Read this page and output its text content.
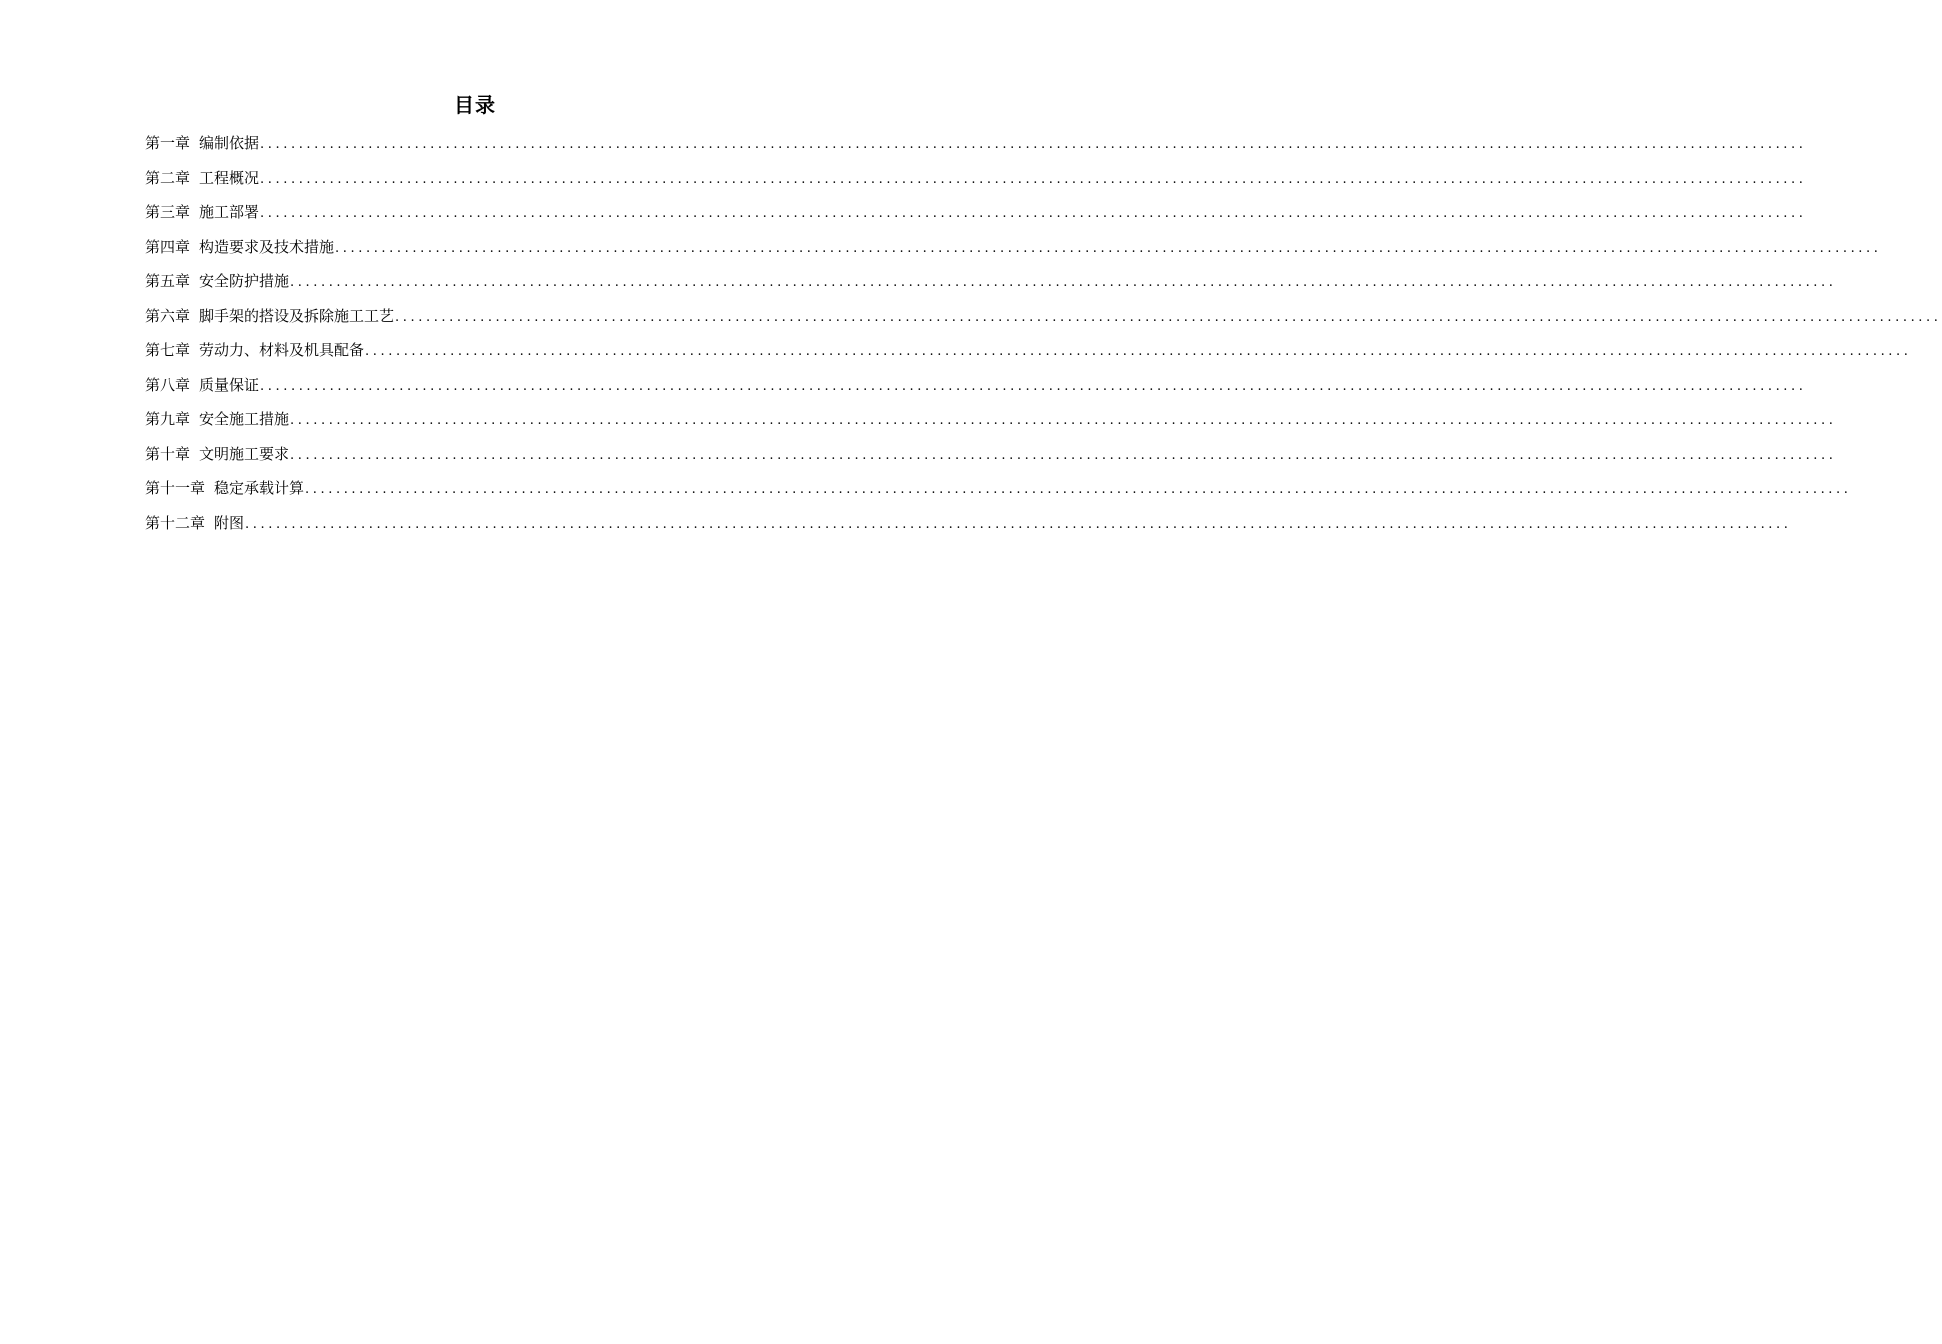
目录
第一章 编制依据 ........................................................................................................................................................................................................
第二章 工程概况 ........................................................................................................................................................................................................
第三章 施工部署 ........................................................................................................................................................................................................
第四章 构造要求及技术措施 ........................................................................................................................................................................................................
第五章 安全防护措施 ........................................................................................................................................................................................................
第六章 脚手架的搭设及拆除施工工艺 ........................................................................................................................................................................................................
第七章 劳动力、材料及机具配备 ........................................................................................................................................................................................................
第八章 质量保证 ........................................................................................................................................................................................................
第九章 安全施工措施 ........................................................................................................................................................................................................
第十章 文明施工要求 ........................................................................................................................................................................................................
第十一章 稳定承载计算 ........................................................................................................................................................................................................
第十二章 附图 ........................................................................................................................................................................................................
